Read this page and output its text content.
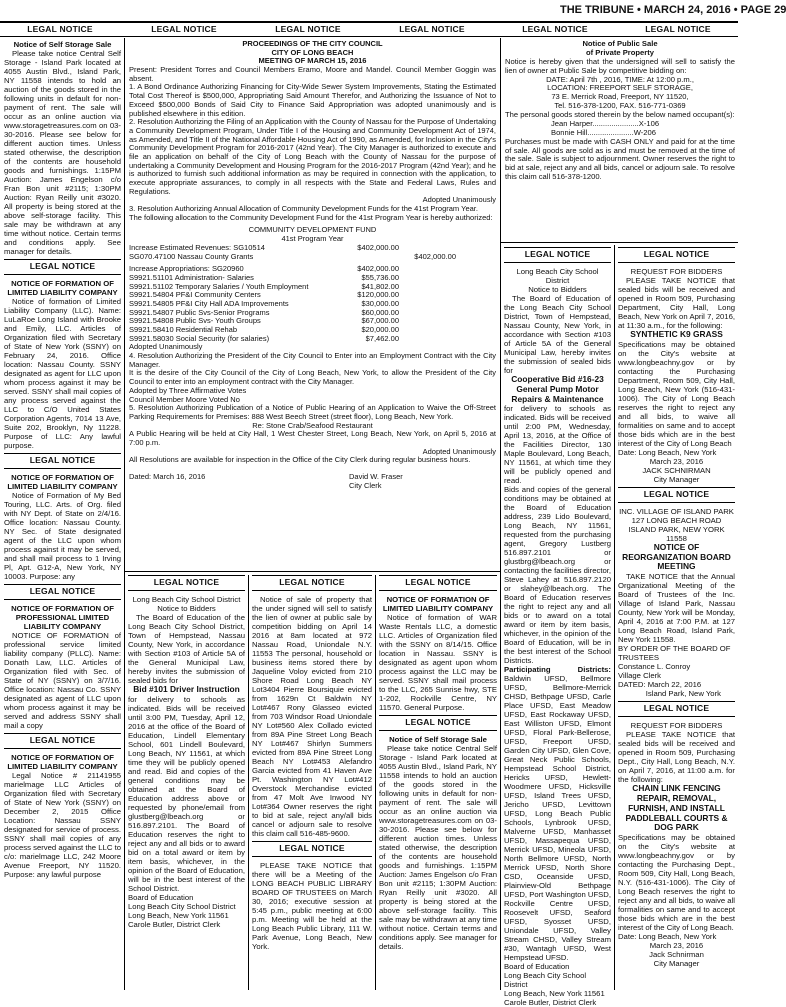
THE TRIBUNE • MARCH 24, 2016 • PAGE 29
LEGAL NOTICE	LEGAL NOTICE	LEGAL NOTICE	LEGAL NOTICE	LEGAL NOTICE	LEGAL NOTICE
Notice of Self Storage Sale
Please take notice Central Self Storage - Island Park located at 4055 Austin Blvd., Island Park, NY 11558 intends to hold an auction of the goods stored in the following units in default for non-payment of rent. The sale will occur as an online auction via www.storagetreasures.com on 03-30-2016. Please see below for different auction times. Unless stated otherwise, the description of the contents are household goods and furnishings. 1:15PM Auction: James Engelson c/o Fran Bon unit #2115; 1:30PM Auction: Ryan Reilly unit #3020. All property is being stored at the above self-storage facility. This sale may be withdrawn at any time without notice. Certain terms and conditions apply. See manager for details.
LEGAL NOTICE
NOTICE OF FORMATION OF LIMITED LIABILITY COMPANY
Notice of formation of Limited Liability Company (LLC). Name: LuLaRoe Long Island with Brooke and Emily, LLC. Articles of Organization filed with Secretary of State of New York (SSNY) on February 24, 2016. Office location: Nassau County. SSNY designated as agent for LLC upon whom process against it may be served. SSNY shall mail copies of any process served against the LLC to C/O United States Corporation Agents, 7014 13 Ave, Suite 202, Brooklyn, Ny 11228. Purpose of LLC: Any lawful purpose.
LEGAL NOTICE
NOTICE OF FORMATION OF LIMITED LIABILITY COMPANY
Notice of Formation of My Bed Touring, LLC. Arts. of Org. filed with NY Dept. of State on 2/4/16. Office location: Nassau County. NY Sec. of State designated agent of the LLC upon whom process against it may be served, and shall mail process to 1 Irving Pl, Apt. G12-A, New York, NY 10003. Purpose: any
LEGAL NOTICE
NOTICE OF FORMATION OF PROFESSIONAL LIMITED LIABILITY COMPANY
NOTICE OF FORMATION of professional service limited liability company (PLLC). Name: Donath Law, LLC. Articles of Organization filed with Sec. of State of NY (SSNY) on 3/7/16. Office location: Nassau Co. SSNY designated as agent of LLC upon whom process against it may be served and address SSNY shall mail a copy
LEGAL NOTICE
NOTICE OF FORMATION OF LIMITED LIABILITY COMPANY
Legal Notice # 21141955 marielmage LLC Articles of Organization filed with Secretary of State of New York (SSNY) on December 2, 2015 Office Location: Nassau SSNY designated for service of process. SSNY shall mail copies of any process served against the LLC to c/o: marielmage LLC, 242 Moore Avenue Freeport, NY 11520. Purpose: any lawful purpose
PROCEEDINGS OF THE CITY COUNCIL
CITY OF LONG BEACH
MEETING OF MARCH 15, 2016
Present: President Torres and Council Members Eramo, Moore and Mandel. Council Member Goggin was absent.
1. A Bond Ordinance Authorizing Financing for City-Wide Sewer System Improvements, Stating the Estimated Total Cost Thereof is $500,000, Appropriating Said Amount Therefor, and Authorizing the Issuance of Not to Exceed $500,000 Bonds of Said City to Finance Said Appropriation was adopted unanimously and is published elsewhere in this edition.
2. Resolution Authorizing the Filing of an Application with the County of Nassau for the Purpose of Undertaking a Community Development Program, Under Title I of the Housing and Community Development Act of 1974, as Amended, and Title II of the National Affordable Housing Act of 1990, as Amended, for Inclusion in the City's Community Development Program for 2016-2017 (42nd Year). The City Manager is authorized to execute and file an application on behalf of the City of Long Beach with the County of Nassau for the purpose of undertaking a Community Development and Housing Program for the 2016-2017 Program (42nd Year); and he is authorized to furnish such additional information as may be required in connection with the application, to execute appropriate assurances, to comply in all respects with the State and Federal Laws, Rules and Regulations.
Adopted Unanimously
3. Resolution Authorizing Annual Allocation of Community Development Funds for the 41st Program Year.
The following allocation to the Community Development Fund for the 41st Program Year is hereby authorized:
COMMUNITY DEVELOPMENT FUND
41st Program Year
Increase Estimated Revenues: SG10514	$402,000.00	
SG070.47100 Nassau County Grants		$402,000.00

Increase Appropriations: SG20960	$402,000.00	
S9921.51101 Administration- Salaries	$55,736.00	
S9921.51102 Temporary Salaries / Youth Employment	$41,802.00	
S9921.54804 PF&I Community Centers	$120,000.00	
S9921.54805 PF&I City Hall ADA Improvements	$30,000.00	
S9921.54807 Public Svs-Senior Programs	$60,000.00	
S9921.54808 Public Svs- Youth Groups	$67,000.00	
S9921.58410 Residential Rehab	$20,000.00	
S9921.58030 Social Security (for salaries)	$7,462.00	
Adopted Unanimously
4. Resolution Authorizing the President of the City Council to Enter into an Employment Contract with the City Manager.
It is the desire of the City Council of the City of Long Beach, New York, to allow the President of the City Council to enter into an employment contract with the City Manager.
Adopted by Three Affirmative Votes
Council Member Moore Voted No
5. Resolution Authorizing Publication of a Notice of Public Hearing of an Application to Waive the Off-Street Parking Requirements for Premises: 888 West Beech Street (street floor), Long Beach, New York.
Re: Stone Crab/Seafood Restaurant
A Public Hearing will be held at City Hall, 1 West Chester Street, Long Beach, New York, on April 5, 2016 at 7:00 p.m.
Adopted Unanimously
All Resolutions are available for inspection in the Office of the City Clerk during regular business hours.
Dated: March 16, 2016	David W. Fraser
City Clerk
LEGAL NOTICE
Long Beach City School District
Notice to Bidders
The Board of Education of the Long Beach City School District, Town of Hempstead, Nassau County, New York, in accordance with Section #103 of Article 5A of the General Municipal Law, hereby invites the submission of sealed bids for
Bid #101 Driver Instruction
for delivery to schools as indicated. Bids will be received until 3:00 PM, Tuesday, April 12, 2016 at the office of the Board of Education, Lindell Elementary School, 601 Lindell Boulevard, Long Beach, NY 11561, at which time they will be publicly opened and read. Bid and copies of the general conditions may be obtained at the Board of Education address above or requested by phone/email from glustberg@lbeach.org or 516.897.2101. The Board of Education reserves the right to reject any and all bids or to award bid on a total award or item by item basis, whichever, in the opinion of the Board of Education, will be in the best interest of the School District.
Board of Education
Long Beach City School District
Long Beach, New York 11561
Carole Butler, District Clerk
LEGAL NOTICE
Notice of sale of property that the under signed will sell to satisfy the lien of owner at public sale by competition bidding on April 14 2016 at 8am located at 972 Nassau Road, Uniondale N.Y. 11553 The personal, household or business items stored there by Jaqueline Voloy evicted from 210 Shore Road Long Beach NY Lot3404 Pierre Boursiquie evicted from 1629n Ct Baldwin NY Lot#467 Rony Glasseo evicted from 703 Windsor Road Uniondale NY Lot#560 Alex Collado evicted from 89A Pine Street Long Beach NY Lot#467 Shirlyn Summers evicted from 89A Pine Street Long Beach NY Lot#453 Alefandro Garcia evicted from 41 Haven Ave Pt. Washington NY Lot#412 Overstock Merchandise evicted from 47 Molt Ave Inwood NY Lot#364 Owner reserves the right to bid at sale, reject any/all bids cancel or adjourn sale to resolve this claim call 516-485-9600.
LEGAL NOTICE
PLEASE TAKE NOTICE that there will be a Meeting of the LONG BEACH PUBLIC LIBRARY BOARD OF TRUSTEES on March 30, 2016; executive session at 5:45 p.m., public meeting at 6:00 p.m. Meeting will be held at the Long Beach Public Library, 111 W. Park Avenue, Long Beach, New York.
LEGAL NOTICE
NOTICE OF FORMATION OF LIMITED LIABILITY COMPANY
Notice of formation of WAR Waste Rentals LLC, a domestic LLC. Articles of Organization filed with the SSNY on 8/14/15. Office location in Nassau. SSNY is designated as agent upon whom process against the LLC may be served. SSNY shall mail process to the LLC, 265 Sunrise hwy, STE 1-202, Rockville Centre, NY 11570. General Purpose.
LEGAL NOTICE
Notice of Self Storage Sale
Please take notice Central Self Storage - Island Park located at 4055 Austin Blvd., Island Park, NY 11558 intends to hold an auction of the goods stored in the following units in default for non-payment of rent. The sale will occur as an online auction via www.storagetreasures.com on 03-30-2016. Please see below for different auction times. Unless stated otherwise, the description of the contents are household goods and furnishings. 1:15PM Auction: James Engelson c/o Fran Bon unit #2115; 1:30PM Auction: Ryan Reilly unit #3020. All property is being stored at the above self-storage facility. This sale may be withdrawn at any time without notice. Certain terms and conditions apply. See manager for details.
Notice of Public Sale
of Private Property
Notice is hereby given that the undersigned will sell to satisfy the lien of owner at Public Sale by competitive bidding on:
DATE: April 7th , 2016, TIME: At 12:00 p.m.,
LOCATION: FREEPORT SELF STORAGE,
73 E. Merrick Road, Freeport, NY 11520,
Tel. 516-378-1200, FAX. 516-771-0369
The personal goods stored therein by the below named occupant(s):
Jean Harper......................X-106
Bonnie Hill......................W-206
Purchases must be made with CASH ONLY and paid for at the time of sale. All goods are sold as is and must be removed at the time of the sale. Sale is subject to adjournment. Owner reserves the right to bid at sale, reject any and all bids, cancel or adjourn sale. To resolve this claim call 516-378-1200.
LEGAL NOTICE
Long Beach City School District
Notice to Bidders
The Board of Education of the Long Beach City School District, Town of Hempstead, Nassau County, New York, in accordance with Section #103 of Article 5A of the General Municipal Law, hereby invites the submission of sealed bids for
Cooperative Bid #16-23 General Pump Motor Repairs & Maintenance
for delivery to schools as indicated. Bids will be received until 2:00 PM, Wednesday, April 13, 2016, at the Office of the Facilities Director, 130 Maple Boulevard, Long Beach, NY 11561, at which time they will be publicly opened and read.
Bids and copies of the general conditions may be obtained at the Board of Education address, 239 Lido Boulevard, Long Beach, NY 11561, requested from the purchasing agent, Gregory Lustberg 516.897.2101 or glustbrg@lbeach.org or contacting the facilities director, Steve Lahey at 516.897.2120 or slahey@lbeach.org. The Board of Education reserves the right to reject any and all bids or to award on a total award or item by item basis, whichever, in the opinion of the Board of Education, will be in the best interest of the School Districts.
Participating Districts: Baldwin UFSD, Bellmore UFSD, Bellmore-Merrick CHSD, Bethpage UFSD, Carle Place UFSD, East Meadow UFSD, East Rockaway UFSD, East Williston UFSD, Elmont UFSD, Floral Park-Bellerose, UFSD, Freeport UFSD, Garden City UFSD, Glen Cove, Great Neck Public Schools, Hempstead School District, Hericks UFSD, Hewlett-Woodmere UFSD, Hicksville UFSD, Island Trees UFSD, Jericho UFSD, Levittown UFSD, Long Beach Public Schools, Lynbrook UFSD, Malverne UFSD, Manhasset UFSD, Massapequa UFSD, Merrick UFSD, Mineola UFSD, North Bellmore UFSD, North Merrick UFSD, North Shore CSD, Oceanside UFSD, Plainview-Old Bethpage UFSD, Port Washington UFSD, Rockville Centre UFSD, Roosevelt UFSD, Seaford UFSD, Syosset UFSD, Uniondale UFSD, Valley Stream CHSD, Valley Stream #30, Wantagh UFSD, West Hempstead UFSD.
Board of Education
Long Beach City School District
Long Beach, New York 11561
Carole Butler, District Clerk
LEGAL NOTICE
REQUEST FOR BIDDERS
PLEASE TAKE NOTICE that sealed bids will be received and opened in Room 509, Purchasing Department, City Hall, Long Beach, New York on April 7, 2016, at 11:30 a.m., for the following:
SYNTHETIC K9 GRASS
Specifications may be obtained on the City's website at www.longbeachny.gov or by contacting the Purchasing Department, Room 509, City Hall, Long Beach, New York (516-431-1006). The City of Long Beach reserves the right to reject any and all bids, to waive all formalities on same and to accept those bids which are in the best interest of the City of Long Beach
Date: Long Beach, New York
March 23, 2016
JACK SCHNIRMAN
City Manager
LEGAL NOTICE
INC. VILLAGE OF ISLAND PARK
127 LONG BEACH ROAD
ISLAND PARK, NEW YORK
11558
NOTICE OF REORGANIZATION BOARD MEETING
TAKE NOTICE that the Annual Organizational Meeting of the Board of Trustees of the Inc. Village of Island Park, Nassau County, New York will be Monday, April 4, 2016 at 7:00 P.M. at 127 Long Beach Road, Island Park, New York 11558.
BY ORDER OF THE BOARD OF TRUSTEES
Constance L. Conroy
Village Clerk
DATED: March 22, 2016
Island Park, New York
LEGAL NOTICE
REQUEST FOR BIDDERS
PLEASE TAKE NOTICE that sealed bids will be received and opened in Room 509, Purchasing Dept., City Hall, Long Beach, N.Y. on April 7, 2016, at 11:00 a.m. for the following:
CHAIN LINK FENCING REPAIR, REMOVAL, FURNISH, AND INSTALL PADDLEBALL COURTS & DOG PARK
Specifications may be obtained on the City's website at www.longbeachny.gov or by contacting the Purchasing Dept., Room 509, City Hall, Long Beach, N.Y. (516-431-1006). The City of Long Beach reserves the right to reject any and all bids, to waive all formalities on same and to accept those bids which are in the best interest of the City of Long Beach.
Date: Long Beach, New York
March 23, 2016
Jack Schnirman
City Manager
